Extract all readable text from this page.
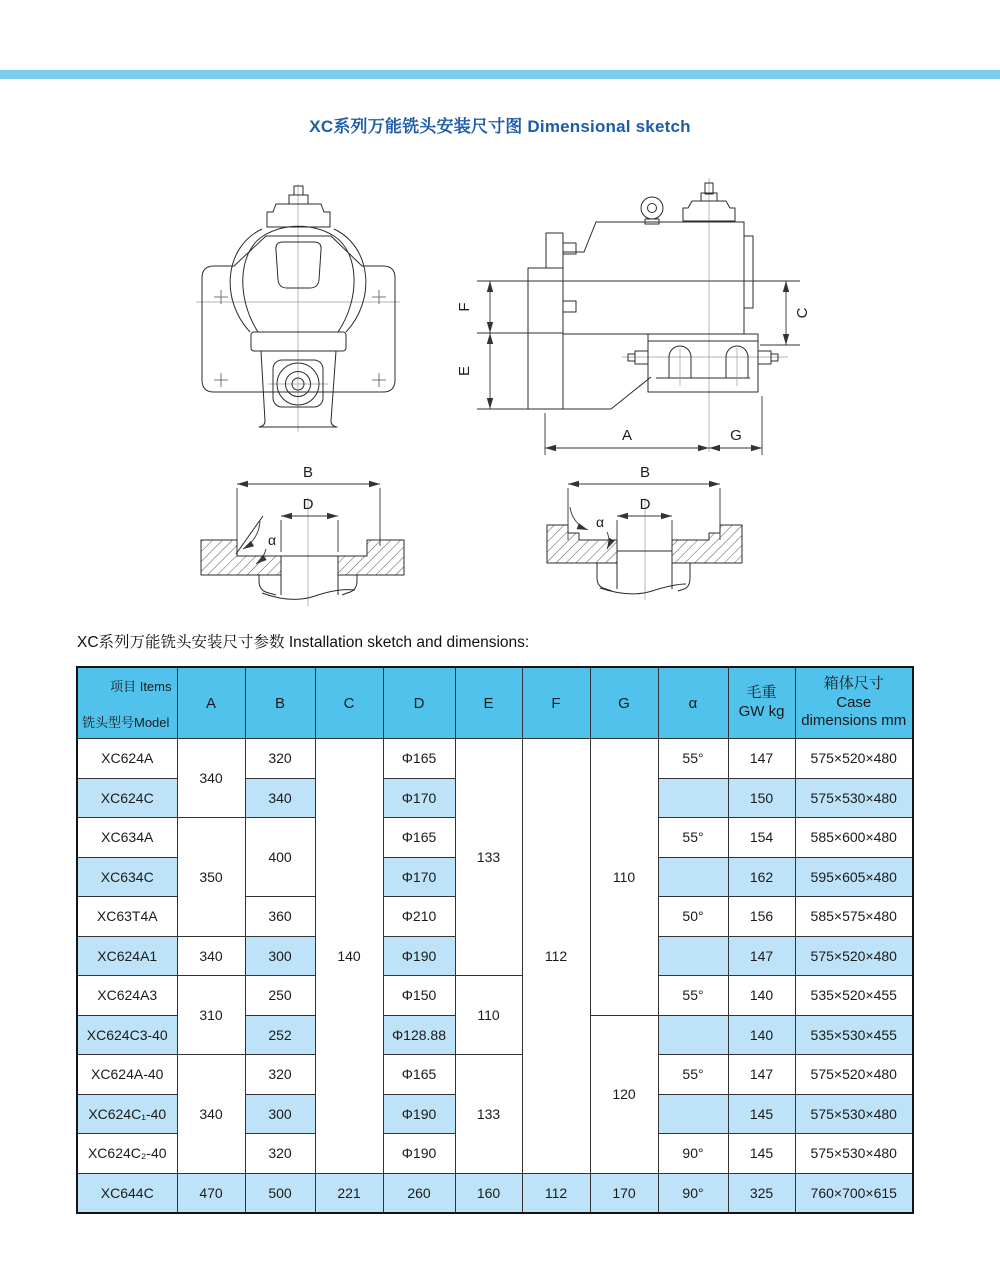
XC系列万能铣头安装尺寸图 Dimensional sketch
F
E
C
A	G
B
D
α
B
D
α
XC系列万能铣头安装尺寸参数 Installation sketch and dimensions:
项目 Items
铣头型号Model
	A	B	C	D	E	F	G	α	
毛重
GW kg

箱体尺寸
Case
dimensions mm

XC624A	340	320	140	Φ165	133	112	110	55°	147	575×520×480
XC624C		340		Φ170					150	575×530×480
XC634A	350	400		Φ165				55°	154	585×600×480
XC634C				Φ170					162	595×605×480
XC63T4A		360		Φ210				50°	156	585×575×480
XC624A1	340	300		Φ190					147	575×520×480
XC624A3	310	250		Φ150	110			55°	140	535×520×455
XC624C3-40		252		Φ128.88			120		140	535×530×455
XC624A-40	340	320		Φ165	133			55°	147	575×520×480
XC624C₁-40		300		Φ190					145	575×530×480
XC624C₂-40		320		Φ190				90°	145	575×530×480
XC644C	470	500	221	260	160	112	170	90°	325	760×700×615
